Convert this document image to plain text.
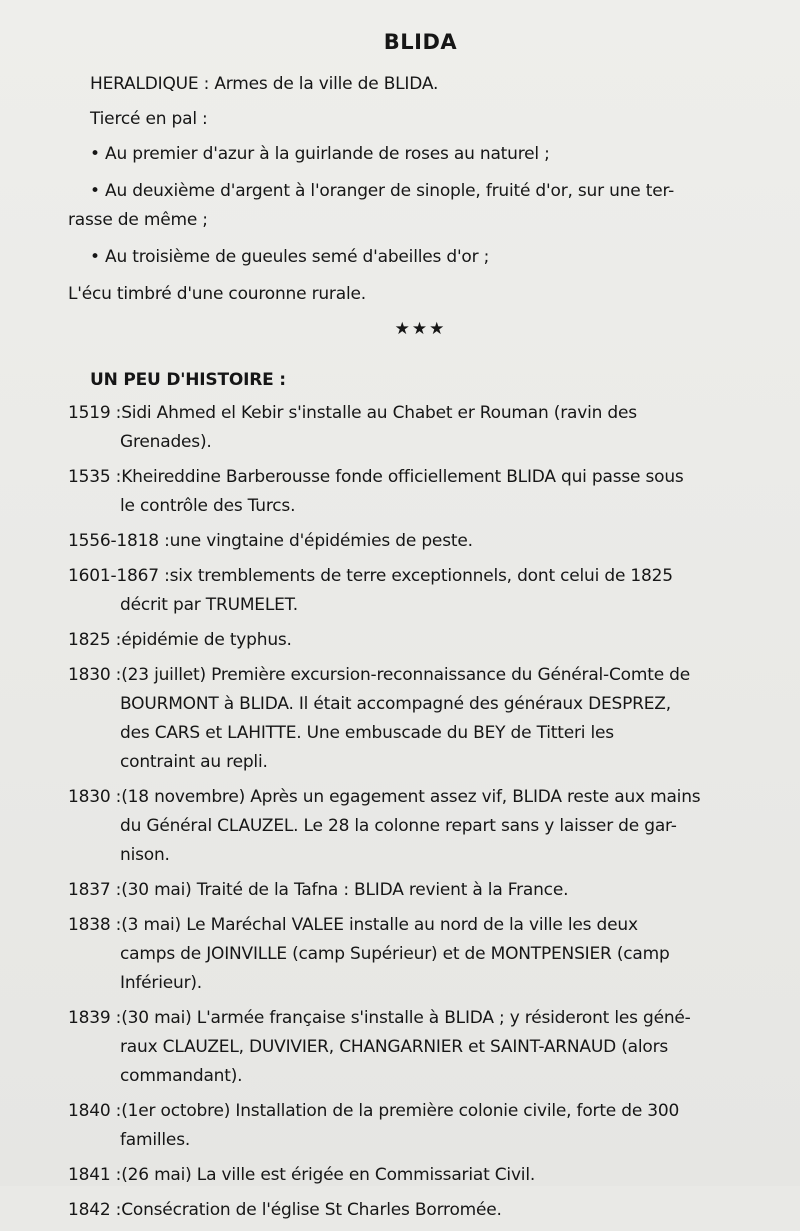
BLIDA
HERALDIQUE : Armes de la ville de BLIDA.
Tiercé en pal :
• Au premier d'azur à la guirlande de roses au naturel ;
• Au deuxième d'argent à l'oranger de sinople, fruité d'or, sur une ter-
rasse de même ;
• Au troisième de gueules semé d'abeilles d'or ;
L'écu timbré d'une couronne rurale.
★★★
UN PEU D'HISTOIRE :
1519 : Sidi Ahmed el Kebir s'installe au Chabet er Rouman (ravin des
Grenades).
1535 : Kheireddine Barberousse fonde officiellement BLIDA qui passe sous
le contrôle des Turcs.
1556-1818 : une vingtaine d'épidémies de peste.
1601-1867 : six tremblements de terre exceptionnels, dont celui de 1825
décrit par TRUMELET.
1825 : épidémie de typhus.
1830 : (23 juillet) Première excursion-reconnaissance du Général-Comte de
BOURMONT à BLIDA. Il était accompagné des généraux DESPREZ,
des CARS et LAHITTE. Une embuscade du BEY de Titteri les
contraint au repli.
1830 : (18 novembre) Après un egagement assez vif, BLIDA reste aux mains
du Général CLAUZEL. Le 28 la colonne repart sans y laisser de gar-
nison.
1837 : (30 mai) Traité de la Tafna : BLIDA revient à la France.
1838 : (3 mai) Le Maréchal VALEE installe au nord de la ville les deux
camps de JOINVILLE (camp Supérieur) et de MONTPENSIER (camp
Inférieur).
1839 : (30 mai) L'armée française s'installe à BLIDA ; y résideront les géné-
raux CLAUZEL, DUVIVIER, CHANGARNIER et SAINT-ARNAUD (alors
commandant).
1840 : (1er octobre) Installation de la première colonie civile, forte de 300
familles.
1841 : (26 mai) La ville est érigée en Commissariat Civil.
1842 : Consécration de l'église St Charles Borromée.
